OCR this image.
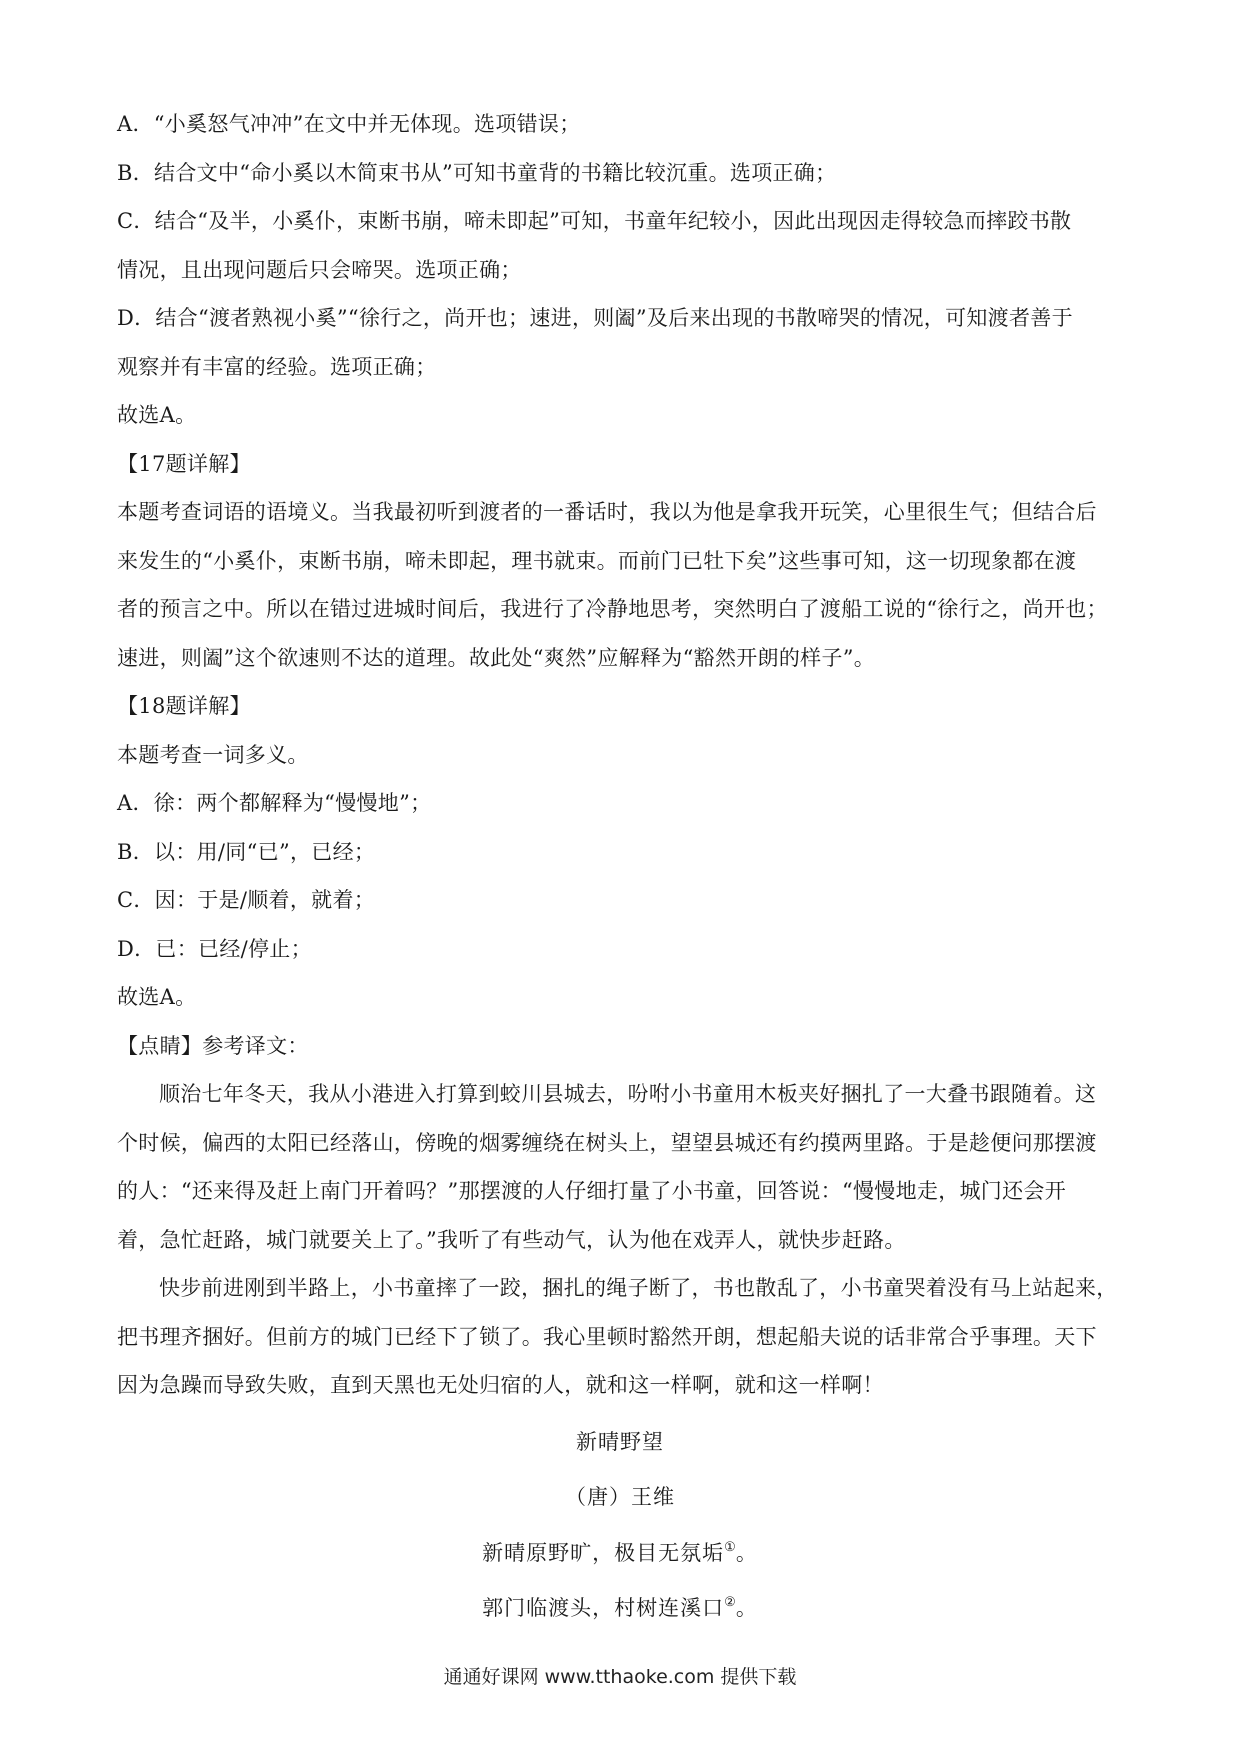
A．“小奚怒气冲冲”在文中并无体现。选项错误；
B．结合文中“命小奚以木简束书从”可知书童背的书籍比较沉重。选项正确；
C．结合“及半，小奚仆，束断书崩，啼未即起”可知，书童年纪较小，因此出现因走得较急而摔跤书散
情况，且出现问题后只会啼哭。选项正确；
D．结合“渡者熟视小奚”“徐行之，尚开也；速进，则阖”及后来出现的书散啼哭的情况，可知渡者善于
观察并有丰富的经验。选项正确；
故选A。
【17题详解】
本题考查词语的语境义。当我最初听到渡者的一番话时，我以为他是拿我开玩笑，心里很生气；但结合后
来发生的“小奚仆，束断书崩，啼未即起，理书就束。而前门已牡下矣”这些事可知，这一切现象都在渡
者的预言之中。所以在错过进城时间后，我进行了冷静地思考，突然明白了渡船工说的“徐行之，尚开也；
速进，则阖”这个欲速则不达的道理。故此处“爽然”应解释为“豁然开朗的样子”。
【18题详解】
本题考查一词多义。
A．徐：两个都解释为“慢慢地”；
B．以：用/同“已”，已经；
C．因：于是/顺着，就着；
D．已：已经/停止；
故选A。
【点睛】参考译文：
顺治七年冬天，我从小港进入打算到蛟川县城去，吩咐小书童用木板夹好捆扎了一大叠书跟随着。这
个时候，偏西的太阳已经落山，傍晚的烟雾缠绕在树头上，望望县城还有约摸两里路。于是趁便问那摆渡
的人：“还来得及赶上南门开着吗？”那摆渡的人仔细打量了小书童，回答说：“慢慢地走，城门还会开
着，急忙赶路，城门就要关上了。”我听了有些动气，认为他在戏弄人，就快步赶路。
快步前进刚到半路上，小书童摔了一跤，捆扎的绳子断了，书也散乱了，小书童哭着没有马上站起来，
把书理齐捆好。但前方的城门已经下了锁了。我心里顿时豁然开朗，想起船夫说的话非常合乎事理。天下
因为急躁而导致失败，直到天黑也无处归宿的人，就和这一样啊，就和这一样啊！
新晴野望
（唐）王维
新晴原野旷，极目无氛垢①。
郭门临渡头，村树连溪口②。
通通好课网 www.tthaoke.com 提供下载
